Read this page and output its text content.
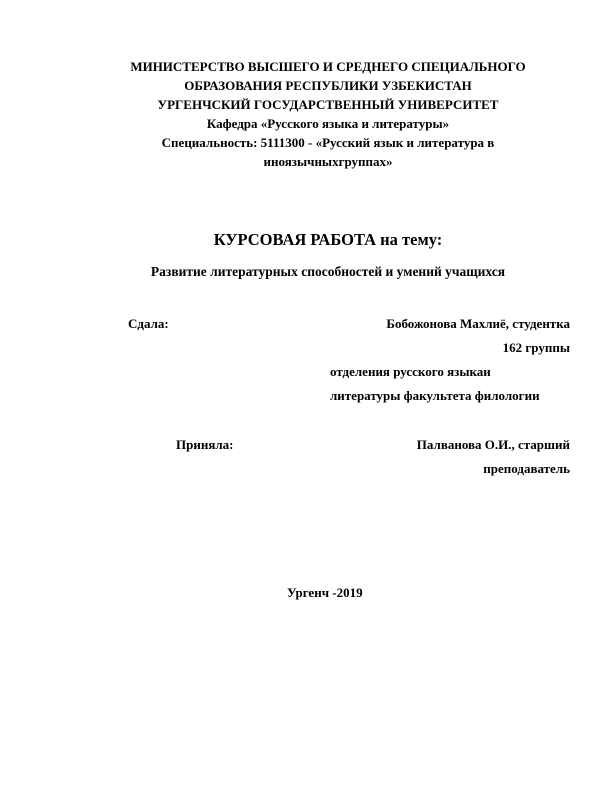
МИНИСТЕРСТВО ВЫСШЕГО И СРЕДНЕГО СПЕЦИАЛЬНОГО
ОБРАЗОВАНИЯ РЕСПУБЛИКИ УЗБЕКИСТАН
УРГЕНЧСКИЙ ГОСУДАРСТВЕННЫЙ УНИВЕРСИТЕТ
Кафедра «Русского языка и литературы»
Специальность: 5111300 - «Русский язык и литература в
иноязычныхгруппах»
КУРСОВАЯ РАБОТА на тему:
Развитие литературных способностей и умений учащихся
Сдала:	Бобожонова Махлиё, студентка
162 группы
отделения русского языкаи
литературы факультета филологии
Приняла:	Палванова О.И., старший
преподаватель
Ургенч -2019
